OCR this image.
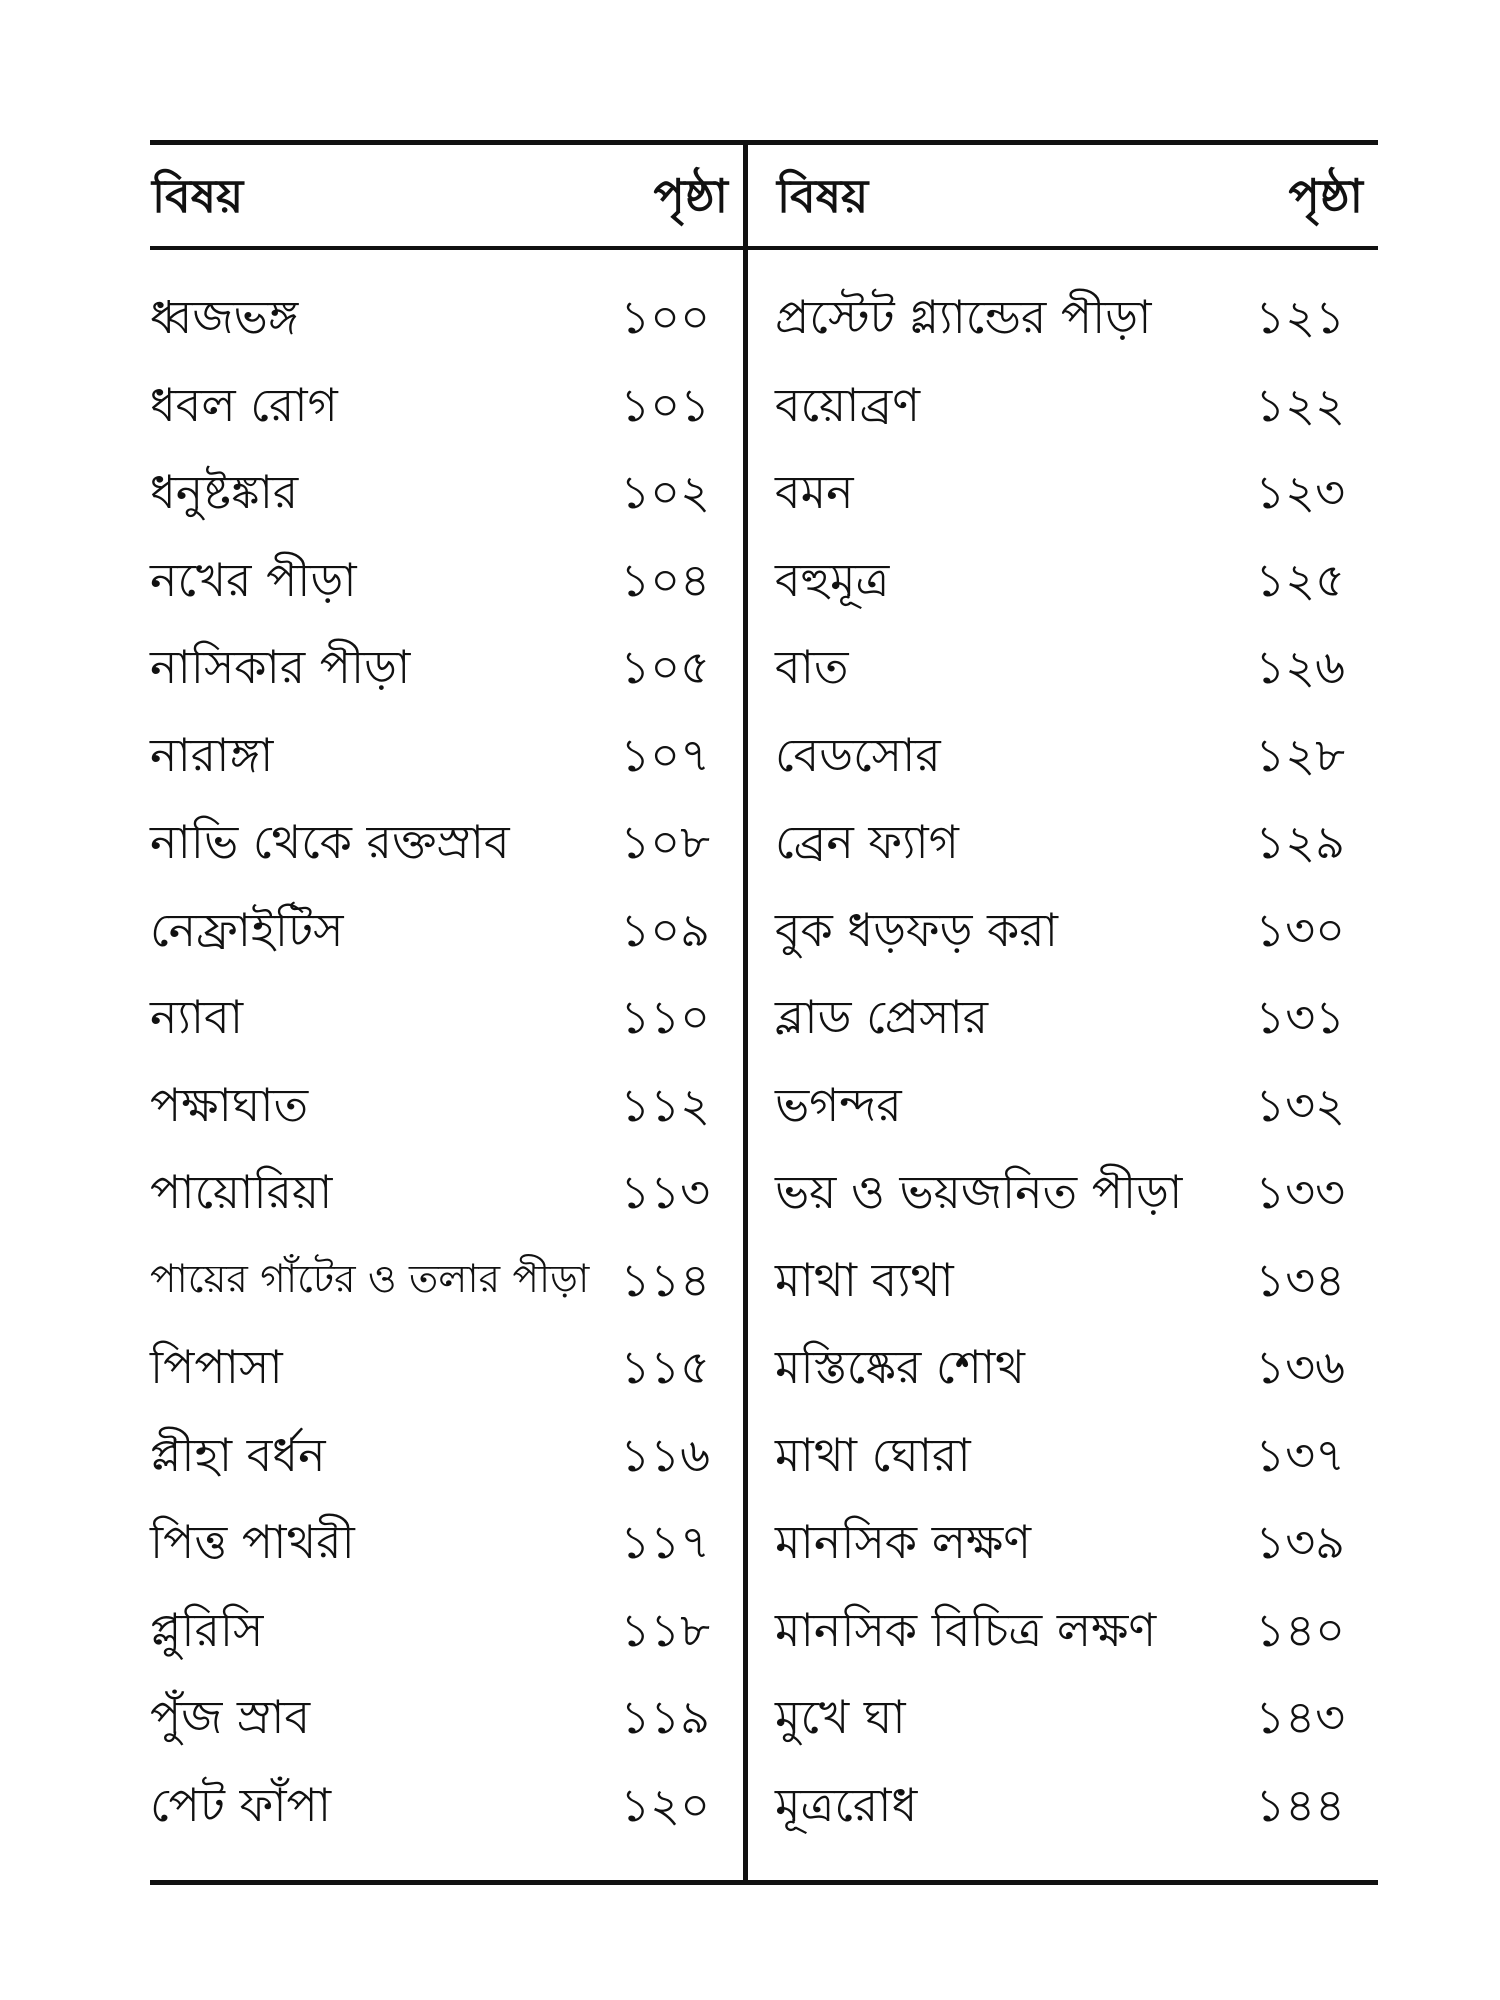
বিষয়	পৃষ্ঠা
ধ্বজভঙ্গ	১০০
ধবল রোগ	১০১
ধনুষ্টঙ্কার	১০২
নখের পীড়া	১০৪
নাসিকার পীড়া	১০৫
নারাঙ্গা	১০৭
নাভি থেকে রক্তস্রাব ১০৮
নেফ্রাইটিস	১০৯
ন্যাবা	১১০
পক্ষাঘাত	১১২
পায়োরিয়া	১১৩
পায়ের গাঁটের ও তলার পীড়া ১১৪
পিপাসা	১১৫
প্লীহা বর্ধন	১১৬
পিত্ত পাথরী	১১৭
প্লুরিসি	১১৮
পুঁজ স্রাব	১১৯
পেট ফাঁপা	১২০
বিষয়	পৃষ্ঠা
প্রস্টেট গ্ল্যান্ডের পীড়া ১২১
বয়োব্রণ	১২২
বমন	১২৩
বহুমূত্র	১২৫
বাত	১২৬
বেডসোর	১২৮
ব্রেন ফ্যাগ	১২৯
বুক ধড়ফড় করা	১৩০
ব্লাড প্রেসার	১৩১
ভগন্দর	১৩২
ভয় ও ভয়জনিত পীড়া ১৩৩
মাথা ব্যথা	১৩৪
মস্তিষ্কের শোথ	১৩৬
মাথা ঘোরা	১৩৭
মানসিক লক্ষণ	১৩৯
মানসিক বিচিত্র লক্ষণ ১৪০
মুখে ঘা	১৪৩
মূত্ররোধ	১৪৪
